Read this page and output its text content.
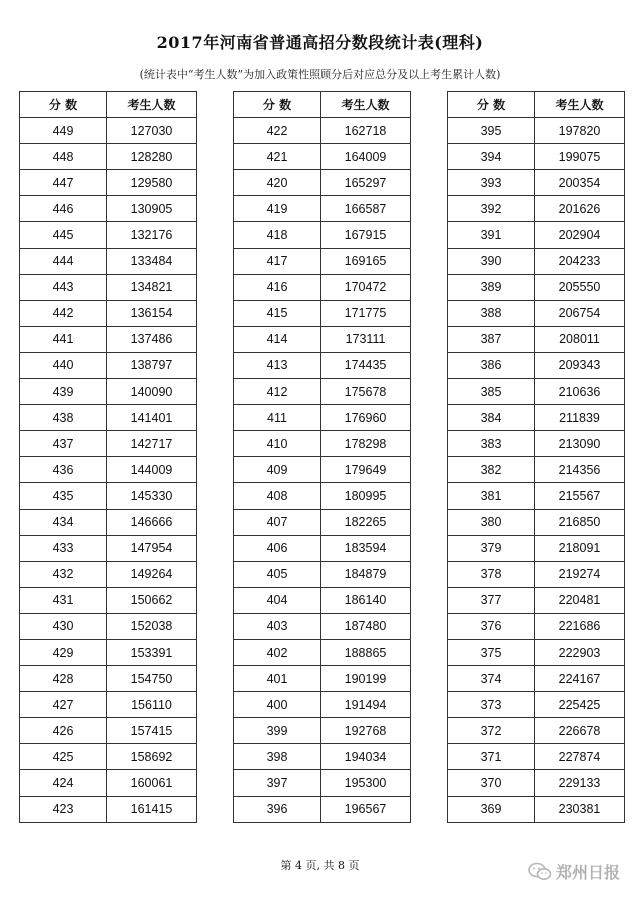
2017年河南省普通高招分数段统计表(理科)
(统计表中“考生人数”为加入政策性照顾分后对应总分及以上考生累计人数)
分 数	考生人数
449	127030
448	128280
447	129580
446	130905
445	132176
444	133484
443	134821
442	136154
441	137486
440	138797
439	140090
438	141401
437	142717
436	144009
435	145330
434	146666
433	147954
432	149264
431	150662
430	152038
429	153391
428	154750
427	156110
426	157415
425	158692
424	160061
423	161415
分 数	考生人数
422	162718
421	164009
420	165297
419	166587
418	167915
417	169165
416	170472
415	171775
414	173111
413	174435
412	175678
411	176960
410	178298
409	179649
408	180995
407	182265
406	183594
405	184879
404	186140
403	187480
402	188865
401	190199
400	191494
399	192768
398	194034
397	195300
396	196567
分 数	考生人数
395	197820
394	199075
393	200354
392	201626
391	202904
390	204233
389	205550
388	206754
387	208011
386	209343
385	210636
384	211839
383	213090
382	214356
381	215567
380	216850
379	218091
378	219274
377	220481
376	221686
375	222903
374	224167
373	225425
372	226678
371	227874
370	229133
369	230381
第 4 页, 共 8 页	郑州日报
